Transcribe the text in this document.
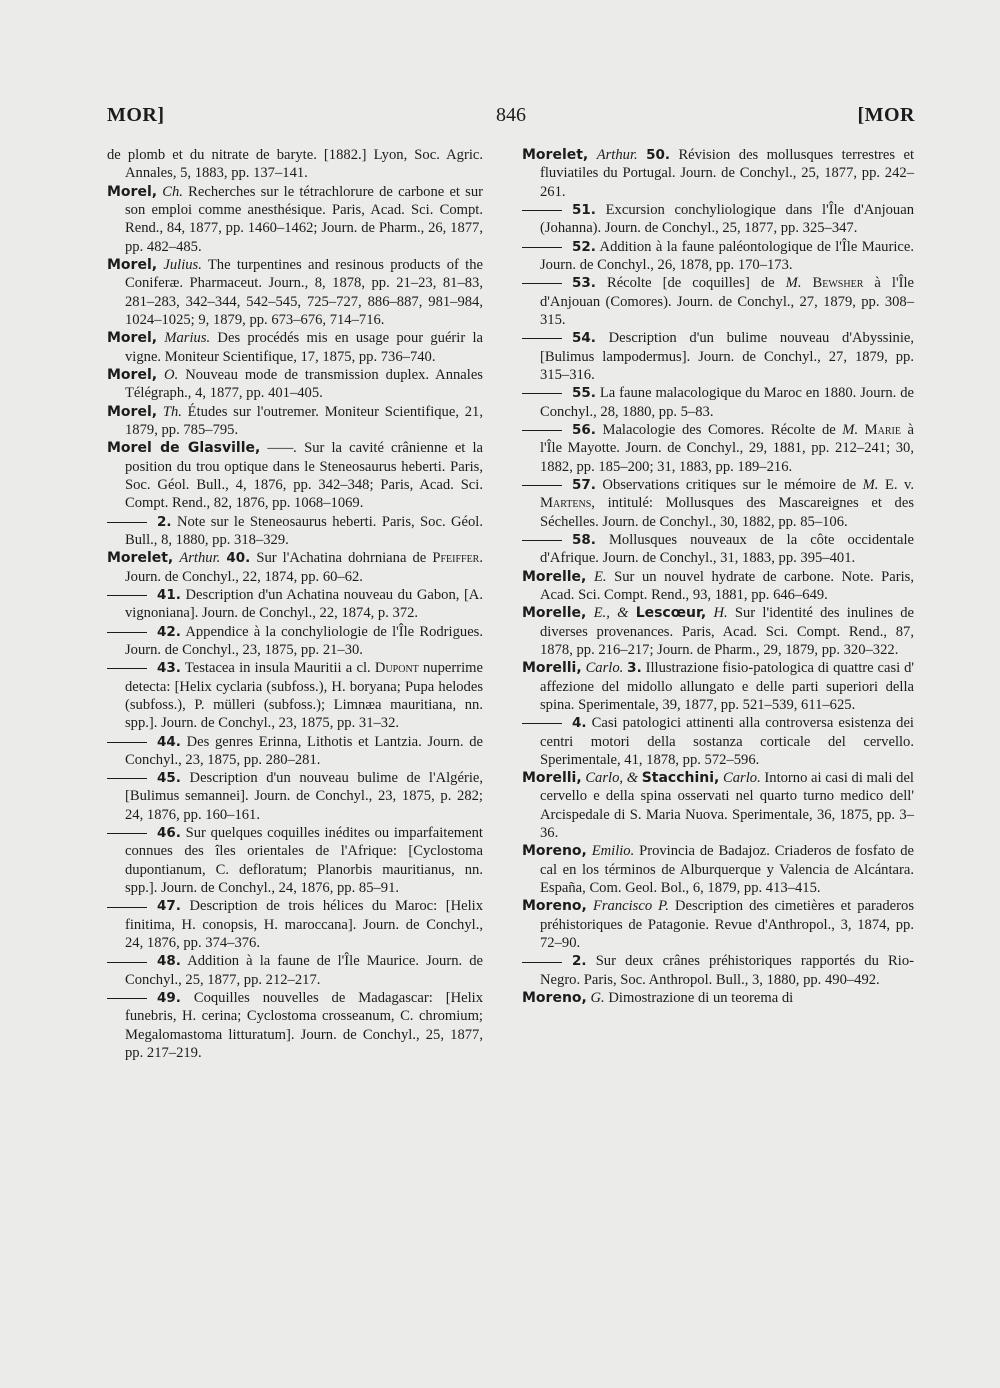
MOR]	846	[MOR
de plomb et du nitrate de baryte. [1882.] Lyon, Soc. Agric. Annales, 5, 1883, pp. 137–141.
Morel, Ch. Recherches sur le tétrachlorure de carbone et sur son emploi comme anesthésique. Paris, Acad. Sci. Compt. Rend., 84, 1877, pp. 1460–1462; Journ. de Pharm., 26, 1877, pp. 482–485.
Morel, Julius. The turpentines and resinous products of the Coniferæ. Pharmaceut. Journ., 8, 1878, pp. 21–23, 81–83, 281–283, 342–344, 542–545, 725–727, 886–887, 981–984, 1024–1025; 9, 1879, pp. 673–676, 714–716.
Morel, Marius. Des procédés mis en usage pour guérir la vigne. Moniteur Scientifique, 17, 1875, pp. 736–740.
Morel, O. Nouveau mode de transmission duplex. Annales Télégraph., 4, 1877, pp. 401–405.
Morel, Th. Études sur l'outremer. Moniteur Scientifique, 21, 1879, pp. 785–795.
Morel de Glasville, ——. Sur la cavité crânienne et la position du trou optique dans le Steneosaurus heberti. Paris, Soc. Géol. Bull., 4, 1876, pp. 342–348; Paris, Acad. Sci. Compt. Rend., 82, 1876, pp. 1068–1069.
2. Note sur le Steneosaurus heberti. Paris, Soc. Géol. Bull., 8, 1880, pp. 318–329.
Morelet, Arthur. 40. Sur l'Achatina dohrniana de Pfeiffer. Journ. de Conchyl., 22, 1874, pp. 60–62.
41. Description d'un Achatina nouveau du Gabon, [A. vignoniana]. Journ. de Conchyl., 22, 1874, p. 372.
42. Appendice à la conchyliologie de l'Île Rodrigues. Journ. de Conchyl., 23, 1875, pp. 21–30.
43. Testacea in insula Mauritii a cl. Dupont nuperrime detecta: [Helix cyclaria (subfoss.), H. boryana; Pupa helodes (subfoss.), P. mülleri (subfoss.); Limnæa mauritiana, nn. spp.]. Journ. de Conchyl., 23, 1875, pp. 31–32.
44. Des genres Erinna, Lithotis et Lantzia. Journ. de Conchyl., 23, 1875, pp. 280–281.
45. Description d'un nouveau bulime de l'Algérie, [Bulimus semannei]. Journ. de Conchyl., 23, 1875, p. 282; 24, 1876, pp. 160–161.
46. Sur quelques coquilles inédites ou imparfaitement connues des îles orientales de l'Afrique: [Cyclostoma dupontianum, C. defloratum; Planorbis mauritianus, nn. spp.]. Journ. de Conchyl., 24, 1876, pp. 85–91.
47. Description de trois hélices du Maroc: [Helix finitima, H. conopsis, H. maroccana]. Journ. de Conchyl., 24, 1876, pp. 374–376.
48. Addition à la faune de l'Île Maurice. Journ. de Conchyl., 25, 1877, pp. 212–217.
49. Coquilles nouvelles de Madagascar: [Helix funebris, H. cerina; Cyclostoma crosseanum, C. chromium; Megalomastoma litturatum]. Journ. de Conchyl., 25, 1877, pp. 217–219.
Morelet, Arthur. 50. Révision des mollusques terrestres et fluviatiles du Portugal. Journ. de Conchyl., 25, 1877, pp. 242–261.
51. Excursion conchyliologique dans l'Île d'Anjouan (Johanna). Journ. de Conchyl., 25, 1877, pp. 325–347.
52. Addition à la faune paléontologique de l'Île Maurice. Journ. de Conchyl., 26, 1878, pp. 170–173.
53. Récolte [de coquilles] de M. Bewsher à l'Île d'Anjouan (Comores). Journ. de Conchyl., 27, 1879, pp. 308–315.
54. Description d'un bulime nouveau d'Abyssinie, [Bulimus lampodermus]. Journ. de Conchyl., 27, 1879, pp. 315–316.
55. La faune malacologique du Maroc en 1880. Journ. de Conchyl., 28, 1880, pp. 5–83.
56. Malacologie des Comores. Récolte de M. Marie à l'Île Mayotte. Journ. de Conchyl., 29, 1881, pp. 212–241; 30, 1882, pp. 185–200; 31, 1883, pp. 189–216.
57. Observations critiques sur le mémoire de M. E. v. Martens, intitulé: Mollusques des Mascareignes et des Séchelles. Journ. de Conchyl., 30, 1882, pp. 85–106.
58. Mollusques nouveaux de la côte occidentale d'Afrique. Journ. de Conchyl., 31, 1883, pp. 395–401.
Morelle, E. Sur un nouvel hydrate de carbone. Note. Paris, Acad. Sci. Compt. Rend., 93, 1881, pp. 646–649.
Morelle, E., & Lescœur, H. Sur l'identité des inulines de diverses provenances. Paris, Acad. Sci. Compt. Rend., 87, 1878, pp. 216–217; Journ. de Pharm., 29, 1879, pp. 320–322.
Morelli, Carlo. 3. Illustrazione fisio-patologica di quattre casi d' affezione del midollo allungato e delle parti superiori della spina. Sperimentale, 39, 1877, pp. 521–539, 611–625.
4. Casi patologici attinenti alla controversa esistenza dei centri motori della sostanza corticale del cervello. Sperimentale, 41, 1878, pp. 572–596.
Morelli, Carlo, & Stacchini, Carlo. Intorno ai casi di mali del cervello e della spina osservati nel quarto turno medico dell' Arcispedale di S. Maria Nuova. Sperimentale, 36, 1875, pp. 3–36.
Moreno, Emilio. Provincia de Badajoz. Criaderos de fosfato de cal en los términos de Alburquerque y Valencia de Alcántara. España, Com. Geol. Bol., 6, 1879, pp. 413–415.
Moreno, Francisco P. Description des cimetières et paraderos préhistoriques de Patagonie. Revue d'Anthropol., 3, 1874, pp. 72–90.
2. Sur deux crânes préhistoriques rapportés du Rio-Negro. Paris, Soc. Anthropol. Bull., 3, 1880, pp. 490–492.
Moreno, G. Dimostrazione di un teorema di
